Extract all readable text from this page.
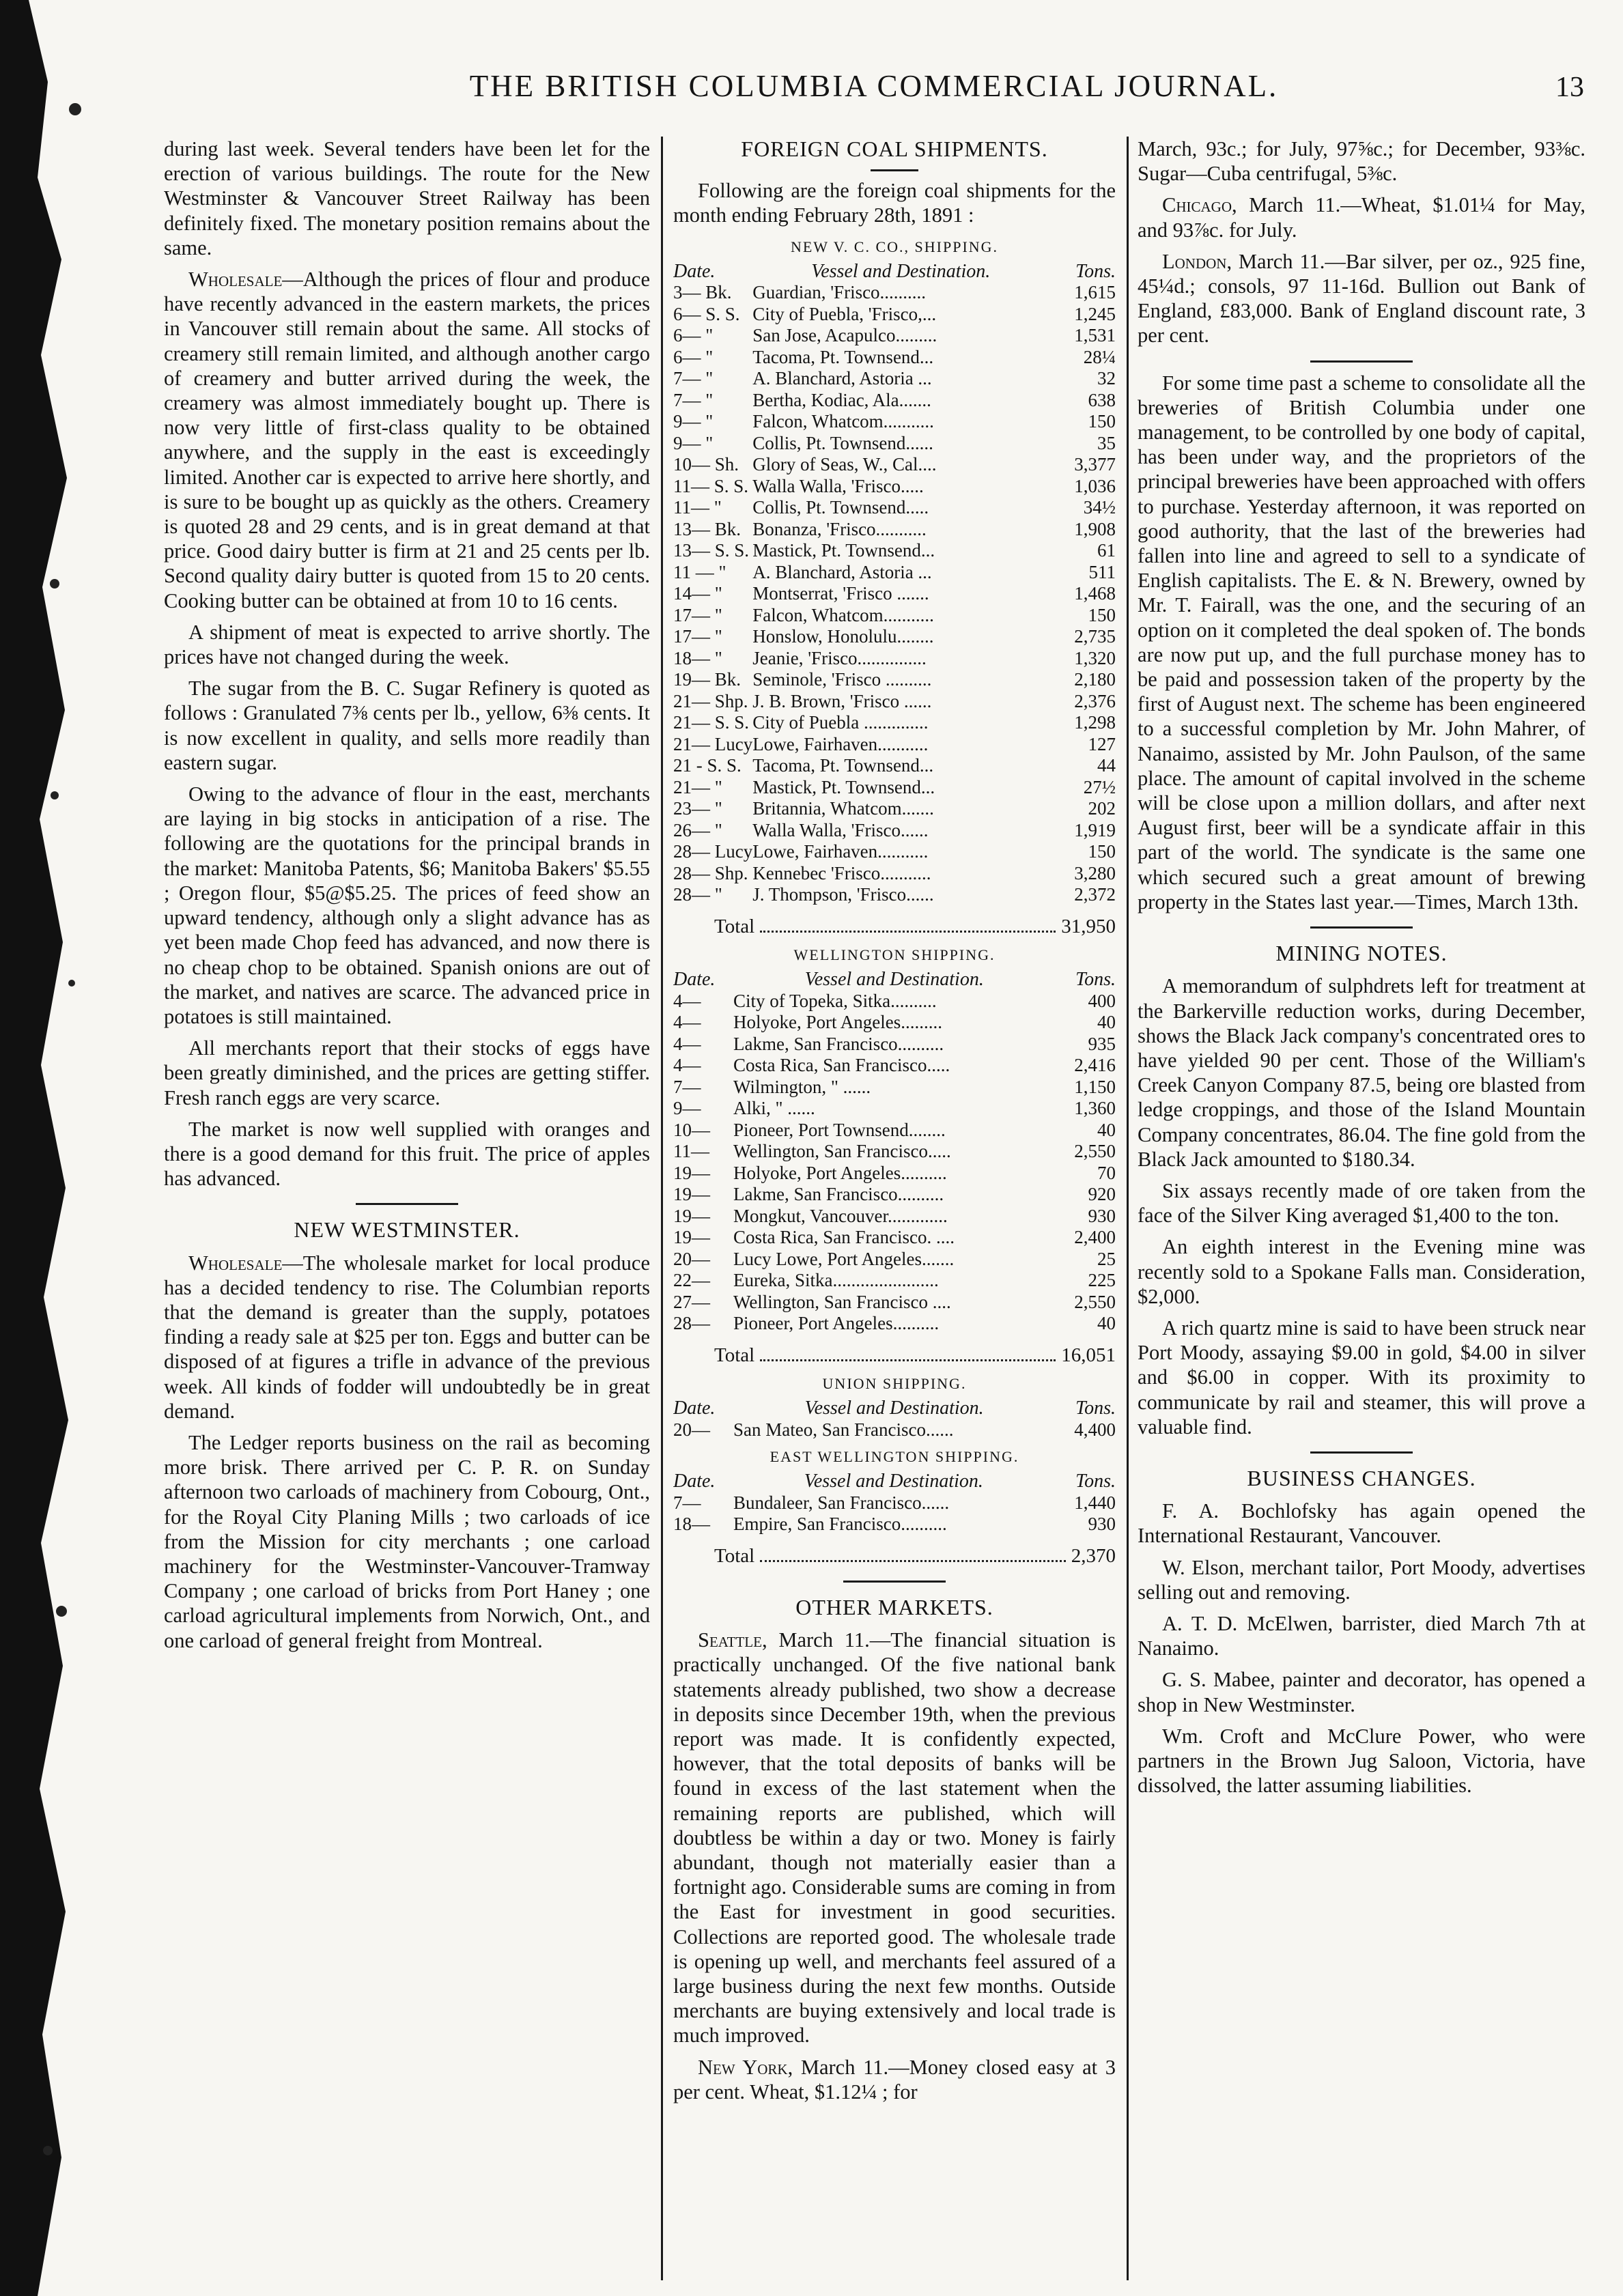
THE BRITISH COLUMBIA COMMERCIAL JOURNAL.	13

during last week. Several tenders have been let for the erection of various buildings. The route for the New Westminster & Vancouver Street Railway has been definitely fixed. The monetary position remains about the same.

Wholesale—Although the prices of flour and produce have recently advanced in the eastern markets, the prices in Vancouver still remain about the same. All stocks of creamery still remain limited, and although another cargo of creamery and butter arrived during the week, the creamery was almost immediately bought up. There is now very little of first-class quality to be obtained anywhere, and the supply in the east is exceedingly limited. Another car is expected to arrive here shortly, and is sure to be bought up as quickly as the others. Creamery is quoted 28 and 29 cents, and is in great demand at that price. Good dairy butter is firm at 21 and 25 cents per lb. Second quality dairy butter is quoted from 15 to 20 cents. Cooking butter can be obtained at from 10 to 16 cents.

A shipment of meat is expected to arrive shortly. The prices have not changed during the week.

The sugar from the B. C. Sugar Refinery is quoted as follows : Granulated 7⅜ cents per lb., yellow, 6⅜ cents. It is now excellent in quality, and sells more readily than eastern sugar.

Owing to the advance of flour in the east, merchants are laying in big stocks in anticipation of a rise. The following are the quotations for the principal brands in the market: Manitoba Patents, $6; Manitoba Bakers' $5.55 ; Oregon flour, $5@$5.25. The prices of feed show an upward tendency, although only a slight advance has as yet been made Chop feed has advanced, and now there is no cheap chop to be obtained. Spanish onions are out of the market, and natives are scarce. The advanced price in potatoes is still maintained.

All merchants report that their stocks of eggs have been greatly diminished, and the prices are getting stiffer. Fresh ranch eggs are very scarce.

The market is now well supplied with oranges and there is a good demand for this fruit. The price of apples has advanced.

NEW WESTMINSTER.

Wholesale—The wholesale market for local produce has a decided tendency to rise. The Columbian reports that the demand is greater than the supply, potatoes finding a ready sale at $25 per ton. Eggs and butter can be disposed of at figures a trifle in advance of the previous week. All kinds of fodder will undoubtedly be in great demand.

The Ledger reports business on the rail as becoming more brisk. There arrived per C. P. R. on Sunday afternoon two carloads of machinery from Cobourg, Ont., for the Royal City Planing Mills ; two carloads of ice from the Mission for city merchants ; one carload machinery for the Westminster-Vancouver-Tramway Company ; one carload of bricks from Port Haney ; one carload agricultural implements from Norwich, Ont., and one carload of general freight from Montreal.

FOREIGN COAL SHIPMENTS.

Following are the foreign coal shipments for the month ending February 28th, 1891 :

NEW V. C. CO., SHIPPING.
Date.	Vessel and Destination.	Tons.
3— Bk.	Guardian, 'Frisco..........	1,615
6— S. S.	City of Puebla, 'Frisco,...	1,245
6— "	San Jose, Acapulco.........	1,531
6— "	Tacoma, Pt. Townsend...	28¼
7— "	A. Blanchard, Astoria ...	32
7— "	Bertha, Kodiac, Ala.......	638
9— "	Falcon, Whatcom...........	150
9— "	Collis, Pt. Townsend......	35
10— Sh.	Glory of Seas, W., Cal....	3,377
11— S. S.	Walla Walla, 'Frisco.....	1,036
11— "	Collis, Pt. Townsend.....	34½
13— Bk.	Bonanza, 'Frisco...........	1,908
13— S. S.	Mastick, Pt. Townsend...	61
11 — "	A. Blanchard, Astoria ...	511
14— "	Montserrat, 'Frisco .......	1,468
17— "	Falcon, Whatcom...........	150
17— "	Honslow, Honolulu........	2,735
18— "	Jeanie, 'Frisco...............	1,320
19— Bk.	Seminole, 'Frisco ..........	2,180
21— Shp.	J. B. Brown, 'Frisco ......	2,376
21— S. S.	City of Puebla ..............	1,298
21— Lucy	Lowe, Fairhaven...........	127
21 - S. S.	Tacoma, Pt. Townsend...	44
21— "	Mastick, Pt. Townsend...	27½
23— "	Britannia, Whatcom.......	202
26— "	Walla Walla, 'Frisco......	1,919
28— Lucy	Lowe, Fairhaven...........	150
28— Shp.	Kennebec 'Frisco...........	3,280
28— "	J. Thompson, 'Frisco......	2,372
Total	31,950
WELLINGTON SHIPPING.
Date.	Vessel and Destination.	Tons.
4—	City of Topeka, Sitka..........	400
4—	Holyoke, Port Angeles.........	40
4—	Lakme, San Francisco..........	935
4—	Costa Rica, San Francisco.....	2,416
7—	Wilmington, " ......	1,150
9—	Alki, " ......	1,360
10—	Pioneer, Port Townsend........	40
11—	Wellington, San Francisco.....	2,550
19—	Holyoke, Port Angeles..........	70
19—	Lakme, San Francisco..........	920
19—	Mongkut, Vancouver.............	930
19—	Costa Rica, San Francisco. ....	2,400
20—	Lucy Lowe, Port Angeles.......	25
22—	Eureka, Sitka.......................	225
27—	Wellington, San Francisco ....	2,550
28—	Pioneer, Port Angeles..........	40
Total	16,051
UNION SHIPPING.
Date.	Vessel and Destination.	Tons.
20—	San Mateo, San Francisco......	4,400
EAST WELLINGTON SHIPPING.
Date.	Vessel and Destination.	Tons.
7—	Bundaleer, San Francisco......	1,440
18—	Empire, San Francisco..........	930
Total	2,370
OTHER MARKETS.

Seattle, March 11.—The financial situation is practically unchanged. Of the five national bank statements already published, two show a decrease in deposits since December 19th, when the previous report was made. It is confidently expected, however, that the total deposits of banks will be found in excess of the last statement when the remaining reports are published, which will doubtless be within a day or two. Money is fairly abundant, though not materially easier than a fortnight ago. Considerable sums are coming in from the East for investment in good securities. Collections are reported good. The wholesale trade is opening up well, and merchants feel assured of a large business during the next few months. Outside merchants are buying extensively and local trade is much improved.

New York, March 11.—Money closed easy at 3 per cent. Wheat, $1.12¼ ; for

March, 93c.; for July, 97⅝c.; for December, 93⅜c. Sugar—Cuba centrifugal, 5⅜c.

Chicago, March 11.—Wheat, $1.01¼ for May, and 93⅞c. for July.

London, March 11.—Bar silver, per oz., 925 fine, 45¼d.; consols, 97 11-16d. Bullion out Bank of England, £83,000. Bank of England discount rate, 3 per cent.

For some time past a scheme to consolidate all the breweries of British Columbia under one management, to be controlled by one body of capital, has been under way, and the proprietors of the principal breweries have been approached with offers to purchase. Yesterday afternoon, it was reported on good authority, that the last of the breweries had fallen into line and agreed to sell to a syndicate of English capitalists. The E. & N. Brewery, owned by Mr. T. Fairall, was the one, and the securing of an option on it completed the deal spoken of. The bonds are now put up, and the full purchase money has to be paid and possession taken of the property by the first of August next. The scheme has been engineered to a successful completion by Mr. John Mahrer, of Nanaimo, assisted by Mr. John Paulson, of the same place. The amount of capital involved in the scheme will be close upon a million dollars, and after next August first, beer will be a syndicate affair in this part of the world. The syndicate is the same one which secured such a great amount of brewing property in the States last year.—Times, March 13th.

MINING NOTES.

A memorandum of sulphdrets left for treatment at the Barkerville reduction works, during December, shows the Black Jack company's concentrated ores to have yielded 90 per cent. Those of the William's Creek Canyon Company 87.5, being ore blasted from ledge croppings, and those of the Island Mountain Company concentrates, 86.04. The fine gold from the Black Jack amounted to $180.34.

Six assays recently made of ore taken from the face of the Silver King averaged $1,400 to the ton.

An eighth interest in the Evening mine was recently sold to a Spokane Falls man. Consideration, $2,000.

A rich quartz mine is said to have been struck near Port Moody, assaying $9.00 in gold, $4.00 in silver and $6.00 in copper. With its proximity to communicate by rail and steamer, this will prove a valuable find.

BUSINESS CHANGES.

F. A. Bochlofsky has again opened the International Restaurant, Vancouver.

W. Elson, merchant tailor, Port Moody, advertises selling out and removing.

A. T. D. McElwen, barrister, died March 7th at Nanaimo.

G. S. Mabee, painter and decorator, has opened a shop in New Westminster.

Wm. Croft and McClure Power, who were partners in the Brown Jug Saloon, Victoria, have dissolved, the latter assuming liabilities.
